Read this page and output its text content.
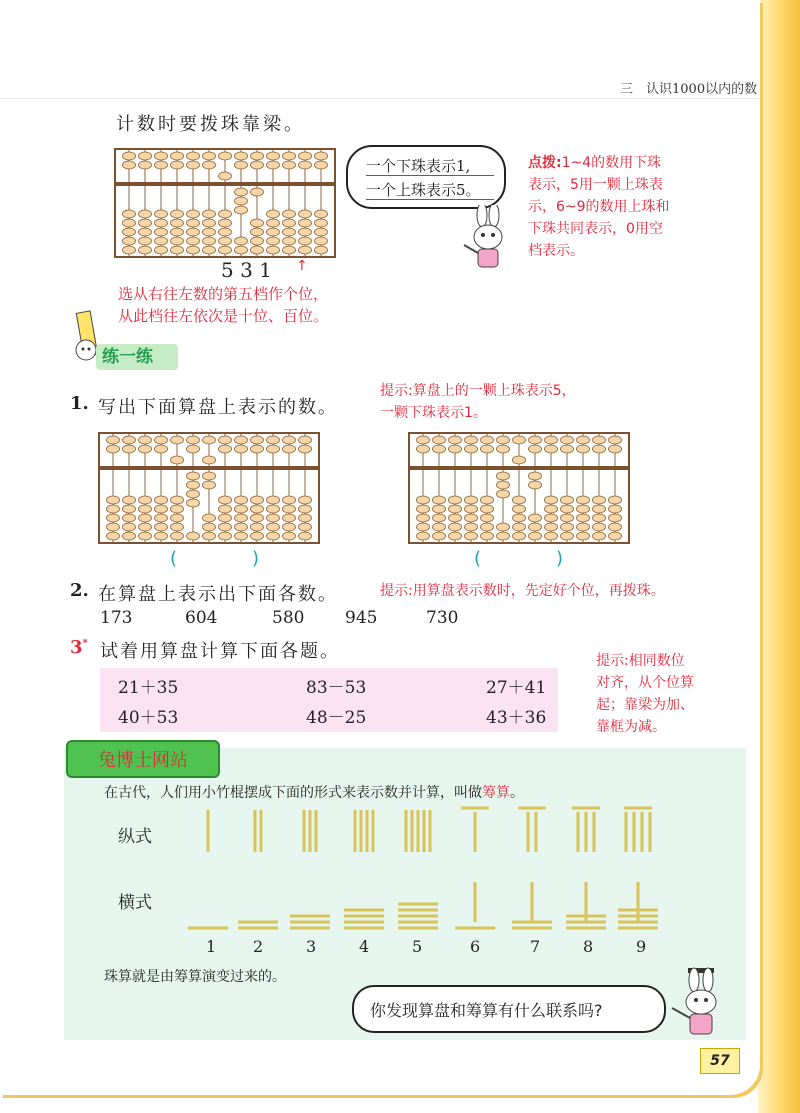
三　认识1000以内的数
计数时要拨珠靠梁。
5 3 1 ↑
一个下珠表示1,
一个上珠表示5。
点拨:1~4的数用下珠
表示，5用一颗上珠表
示，6~9的数用上珠和
下珠共同表示，0用空
档表示。
选从右往左数的第五档作个位，
从此档往左依次是十位、百位。
练一练
1. 写出下面算盘上表示的数。
提示:算盘上的一颗上珠表示5，
一颗下珠表示1。
(	)	(	)
2. 在算盘上表示出下面各数。	提示:用算盘表示数时，先定好个位，再拨珠。
173	604	580 945	730
3* 试着用算盘计算下面各题。
21＋35	83－53	27＋41
40＋53	48－25	43＋36
提示:相同数位
对齐，从个位算
起；靠梁为加、
靠框为减。
兔博士网站
在古代，人们用小竹棍摆成下面的形式来表示数并计算，叫做筹算。
纵式
横式
1 2	3	4	5	6	7	8	9
珠算就是由筹算演变过来的。
你发现算盘和筹算有什么联系吗?
57
